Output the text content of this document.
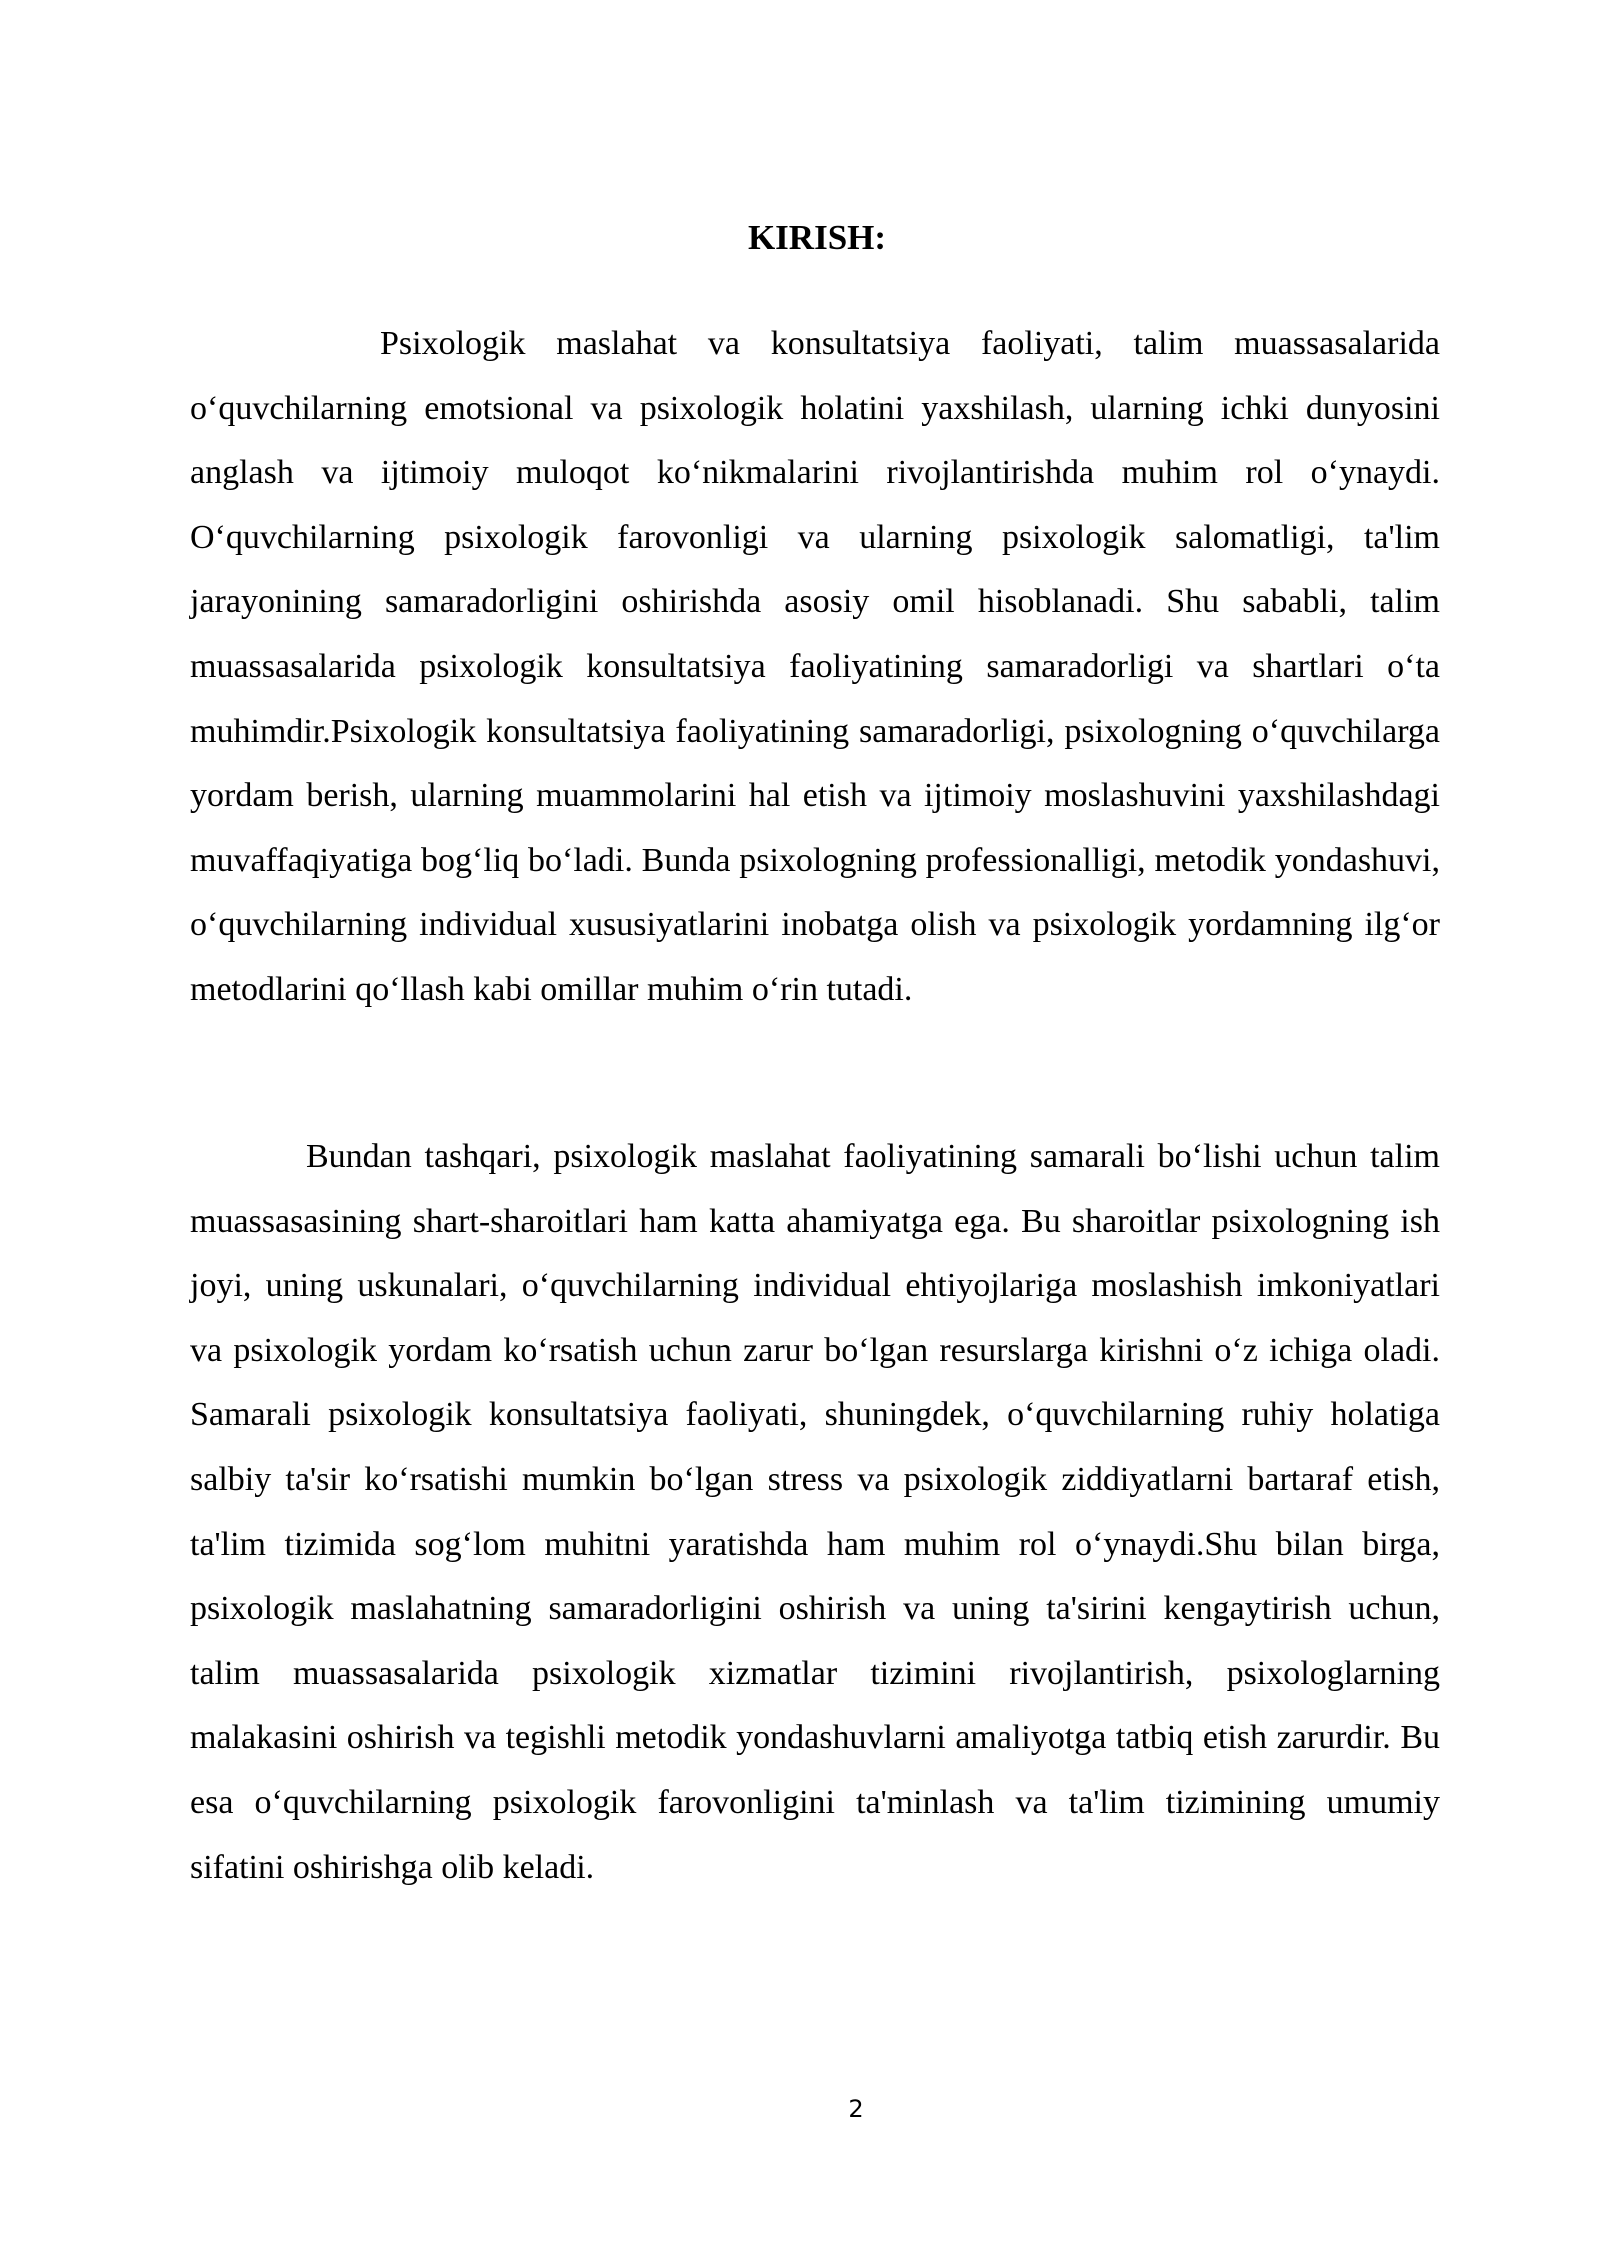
KIRISH:

Psixologik maslahat va konsultatsiya faoliyati, talim muassasalarida o‘quvchilarning emotsional va psixologik holatini yaxshilash, ularning ichki dunyosini anglash va ijtimoiy muloqot ko‘nikmalarini rivojlantirishda muhim rol o‘ynaydi. O‘quvchilarning psixologik farovonligi va ularning psixologik salomatligi, ta'lim jarayonining samaradorligini oshirishda asosiy omil hisoblanadi. Shu sababli, talim muassasalarida psixologik konsultatsiya faoliyatining samaradorligi va shartlari o‘ta muhimdir.Psixologik konsultatsiya faoliyatining samaradorligi, psixologning o‘quvchilarga yordam berish, ularning muammolarini hal etish va ijtimoiy moslashuvini yaxshilashdagi muvaffaqiyatiga bog‘liq bo‘ladi. Bunda psixologning professionalligi, metodik yondashuvi, o‘quvchilarning individual xususiyatlarini inobatga olish va psixologik yordamning ilg‘or metodlarini qo‘llash kabi omillar muhim o‘rin tutadi.

Bundan tashqari, psixologik maslahat faoliyatining samarali bo‘lishi uchun talim muassasasining shart-sharoitlari ham katta ahamiyatga ega. Bu sharoitlar psixologning ish joyi, uning uskunalari, o‘quvchilarning individual ehtiyojlariga moslashish imkoniyatlari va psixologik yordam ko‘rsatish uchun zarur bo‘lgan resurslarga kirishni o‘z ichiga oladi. Samarali psixologik konsultatsiya faoliyati, shuningdek, o‘quvchilarning ruhiy holatiga salbiy ta'sir ko‘rsatishi mumkin bo‘lgan stress va psixologik ziddiyatlarni bartaraf etish, ta'lim tizimida sog‘lom muhitni yaratishda ham muhim rol o‘ynaydi.Shu bilan birga, psixologik maslahatning samaradorligini oshirish va uning ta'sirini kengaytirish uchun, talim muassasalarida psixologik xizmatlar tizimini rivojlantirish, psixologlarning malakasini oshirish va tegishli metodik yondashuvlarni amaliyotga tatbiq etish zarurdir. Bu esa o‘quvchilarning psixologik farovonligini ta'minlash va ta'lim tizimining umumiy sifatini oshirishga olib keladi.

2
